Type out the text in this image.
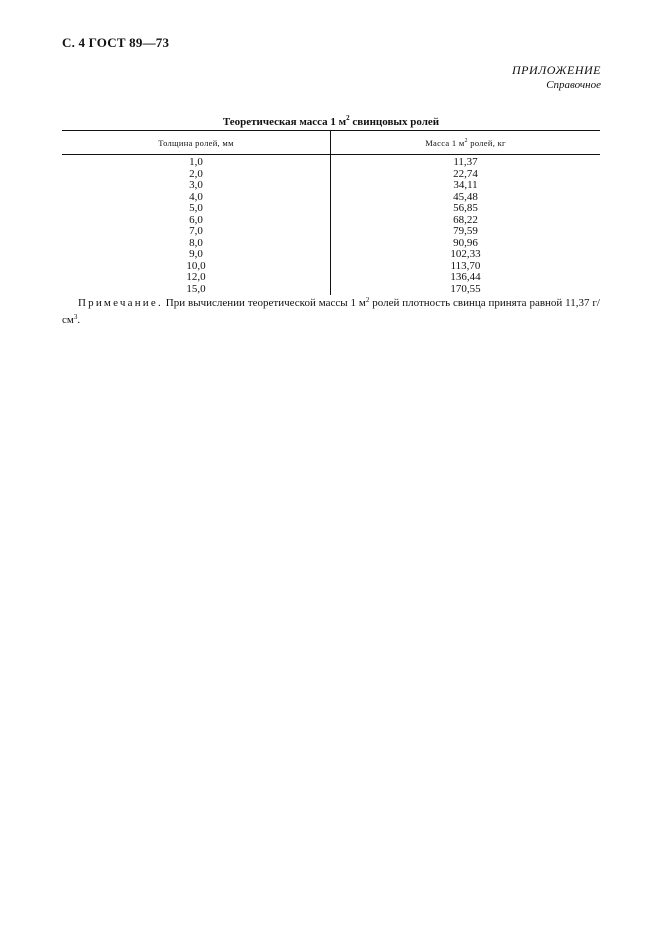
С. 4 ГОСТ 89—73
ПРИЛОЖЕНИЕ
Справочное
Теоретическая масса 1 $м^2$ свинцовых ролей
Толщина ролей, мм	Масса 1 $м^2$ ролей, кг
1,0	11,37
2,0	22,74
3,0	34,11
4,0	45,48
5,0	56,85
6,0	68,22
7,0	79,59
8,0	90,96
9,0	102,33
10,0	113,70
12,0	136,44
15,0	170,55
Примечание. При вычислении теоретической массы 1 $м^2$ ролей плотность свинца принята равной 11,37 $г/см^3$.
